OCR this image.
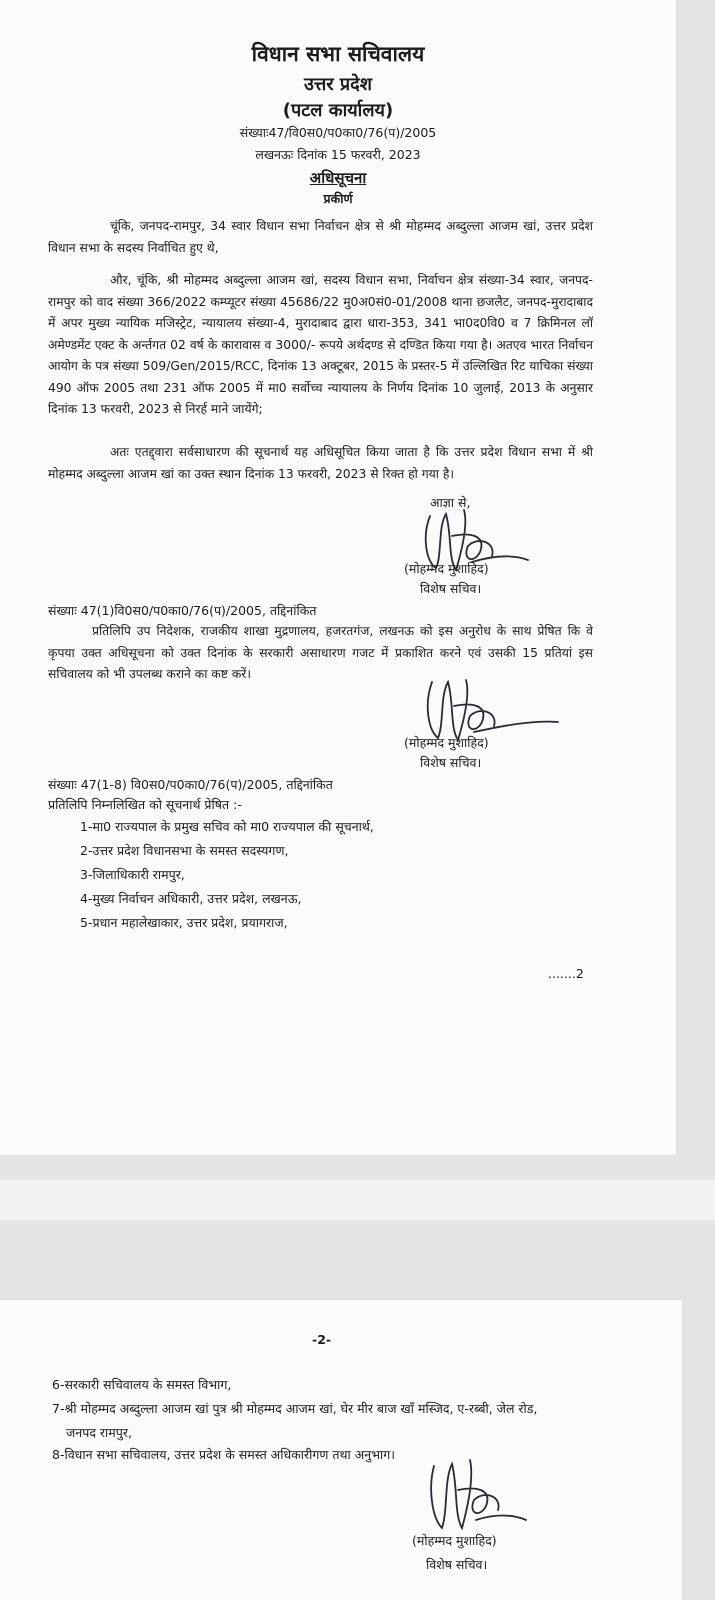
विधान सभा सचिवालय
उत्तर प्रदेश
(पटल कार्यालय)
संख्याः47/वि0स0/प0का0/76(प)/2005
लखनऊः दिनांक 15 फरवरी, 2023
अधिसूचना
प्रकीर्ण
चूंकि, जनपद-रामपुर, 34 स्वार विधान सभा निर्वाचन क्षेत्र से श्री मोहम्मद अब्दुल्ला आजम खां, उत्तर प्रदेश विधान सभा के सदस्य निर्वाचित हुए थे,
और, चूंकि, श्री मोहम्मद अब्दुल्ला आजम खां, सदस्य विधान सभा, निर्वाचन क्षेत्र संख्या-34 स्वार, जनपद-रामपुर को वाद संख्या 366/2022 कम्प्यूटर संख्या 45686/22 मु0अ0सं0-01/2008 थाना छजलैट, जनपद-मुरादाबाद में अपर मुख्य न्यायिक मजिस्ट्रेट, न्यायालय संख्या-4, मुरादाबाद द्वारा धारा-353, 341 भा0द0वि0 व 7 क्रिमिनल लॉ अमेण्डमेंट एक्ट के अर्न्तगत 02 वर्ष के कारावास व 3000/- रूपये अर्थदण्ड से दण्डित किया गया है। अतएव भारत निर्वाचन आयोग के पत्र संख्या 509/Gen/2015/RCC, दिनांक 13 अक्टूबर, 2015 के प्रस्तर-5 में उल्लिखित रिट याचिका संख्या 490 ऑफ 2005 तथा 231 ऑफ 2005 में मा0 सर्वोच्च न्यायालय के निर्णय दिनांक 10 जुलाई, 2013 के अनुसार दिनांक 13 फरवरी, 2023 से निरर्ह माने जायेंगे;
अतः एतद्द्वारा सर्वसाधारण की सूचनार्थ यह अधिसूचित किया जाता है कि उत्तर प्रदेश विधान सभा में श्री मोहम्मद अब्दुल्ला आजम खां का उक्त स्थान दिनांक 13 फरवरी, 2023 से रिक्त हो गया है।
आज्ञा से,
(मोहम्मद मुशाहिद)
विशेष सचिव।
संख्याः 47(1)वि0स0/प0का0/76(प)/2005, तद्दिनांकित
प्रतिलिपि उप निदेशक, राजकीय शाखा मुद्रणालय, हजरतगंज, लखनऊ को इस अनुरोध के साथ प्रेषित कि वे कृपया उक्त अधिसूचना को उक्त दिनांक के सरकारी असाधारण गजट में प्रकाशित करने एवं उसकी 15 प्रतियां इस सचिवालय को भी उपलब्ध कराने का कष्ट करें।
(मोहम्मद मुशाहिद)
विशेष सचिव।
संख्याः 47(1-8) वि0स0/प0का0/76(प)/2005, तद्दिनांकित
प्रतिलिपि निम्नलिखित को सूचनार्थ प्रेषित :-
1-मा0 राज्यपाल के प्रमुख सचिव को मा0 राज्यपाल की सूचनार्थ,
2-उत्तर प्रदेश विधानसभा के समस्त सदस्यगण,
3-जिलाधिकारी रामपुर,
4-मुख्य निर्वाचन अधिकारी, उत्तर प्रदेश, लखनऊ,
5-प्रधान महालेखाकार, उत्तर प्रदेश, प्रयागराज,
.......2
-2-
6-सरकारी सचिवालय के समस्त विभाग,
7-श्री मोहम्मद अब्दुल्ला आजम खां पुत्र श्री मोहम्मद आजम खां, घेर मीर बाज खाँ मस्जिद, ए-रब्बी, जेल रोड,
जनपद रामपुर,
8-विधान सभा सचिवालय, उत्तर प्रदेश के समस्त अधिकारीगण तथा अनुभाग।
(मोहम्मद मुशाहिद)
विशेष सचिव।
